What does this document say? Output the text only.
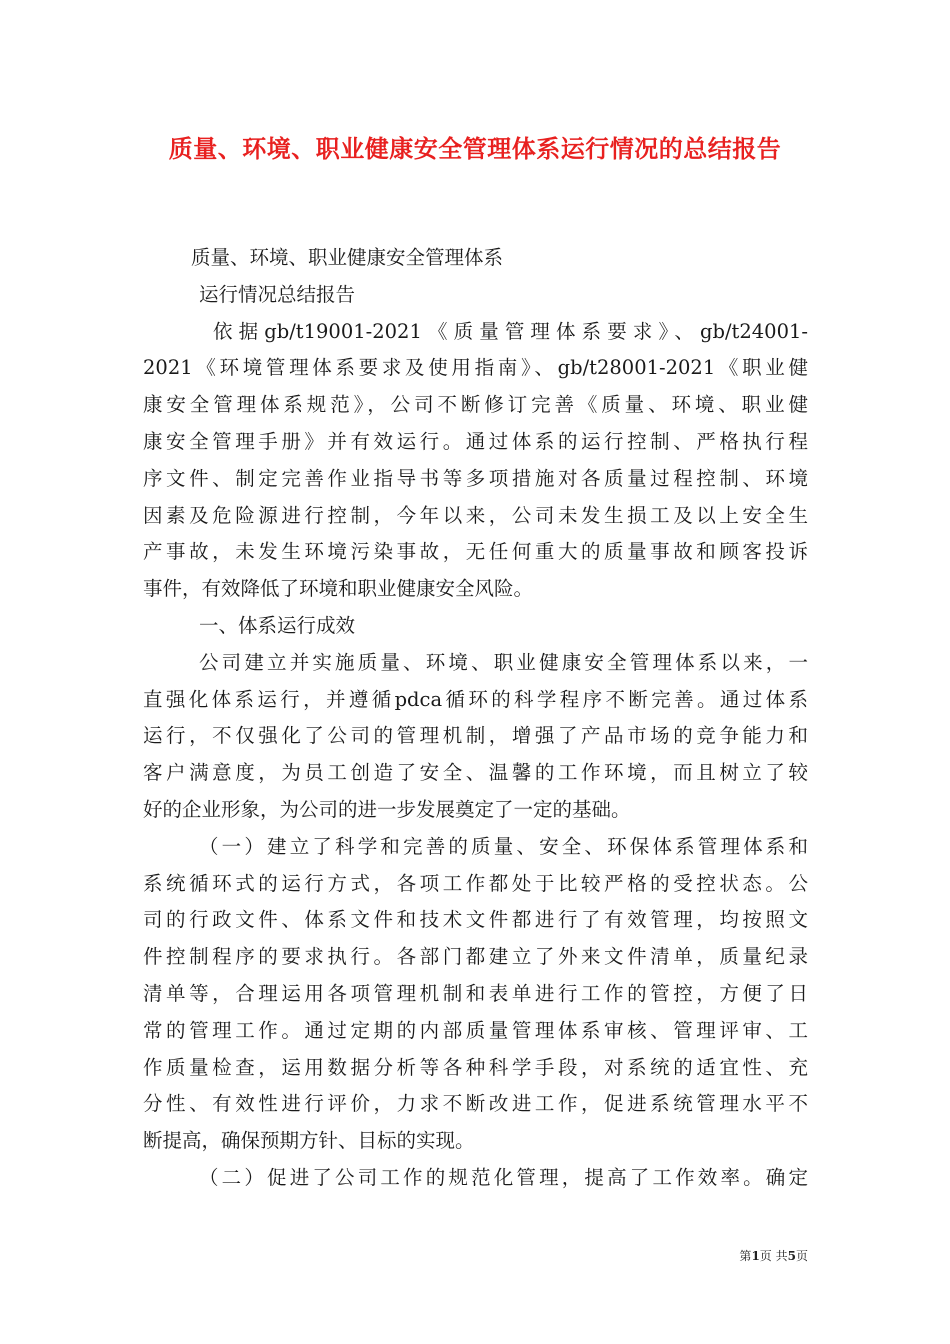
质量、环境、职业健康安全管理体系运行情况的总结报告
质量、环境、职业健康安全管理体系
运行情况总结报告
依据gb/t19001-2021《质量管理体系要求》、gb/t24001-
2021《环境管理体系要求及使用指南》、gb/t28001-2021《职业健
康安全管理体系规范》，公司不断修订完善《质量、环境、职业健
康安全管理手册》并有效运行。通过体系的运行控制、严格执行程
序文件、制定完善作业指导书等多项措施对各质量过程控制、环境
因素及危险源进行控制，今年以来，公司未发生损工及以上安全生
产事故，未发生环境污染事故，无任何重大的质量事故和顾客投诉
事件，有效降低了环境和职业健康安全风险。
一、体系运行成效
公司建立并实施质量、环境、职业健康安全管理体系以来，一
直强化体系运行，并遵循pdca循环的科学程序不断完善。通过体系
运行，不仅强化了公司的管理机制，增强了产品市场的竞争能力和
客户满意度，为员工创造了安全、温馨的工作环境，而且树立了较
好的企业形象，为公司的进一步发展奠定了一定的基础。
（一）建立了科学和完善的质量、安全、环保体系管理体系和
系统循环式的运行方式，各项工作都处于比较严格的受控状态。公
司的行政文件、体系文件和技术文件都进行了有效管理，均按照文
件控制程序的要求执行。各部门都建立了外来文件清单，质量纪录
清单等，合理运用各项管理机制和表单进行工作的管控，方便了日
常的管理工作。通过定期的内部质量管理体系审核、管理评审、工
作质量检查，运用数据分析等各种科学手段，对系统的适宜性、充
分性、有效性进行评价，力求不断改进工作，促进系统管理水平不
断提高，确保预期方针、目标的实现。
（二）促进了公司工作的规范化管理，提高了工作效率。确定
第1页 共5页
